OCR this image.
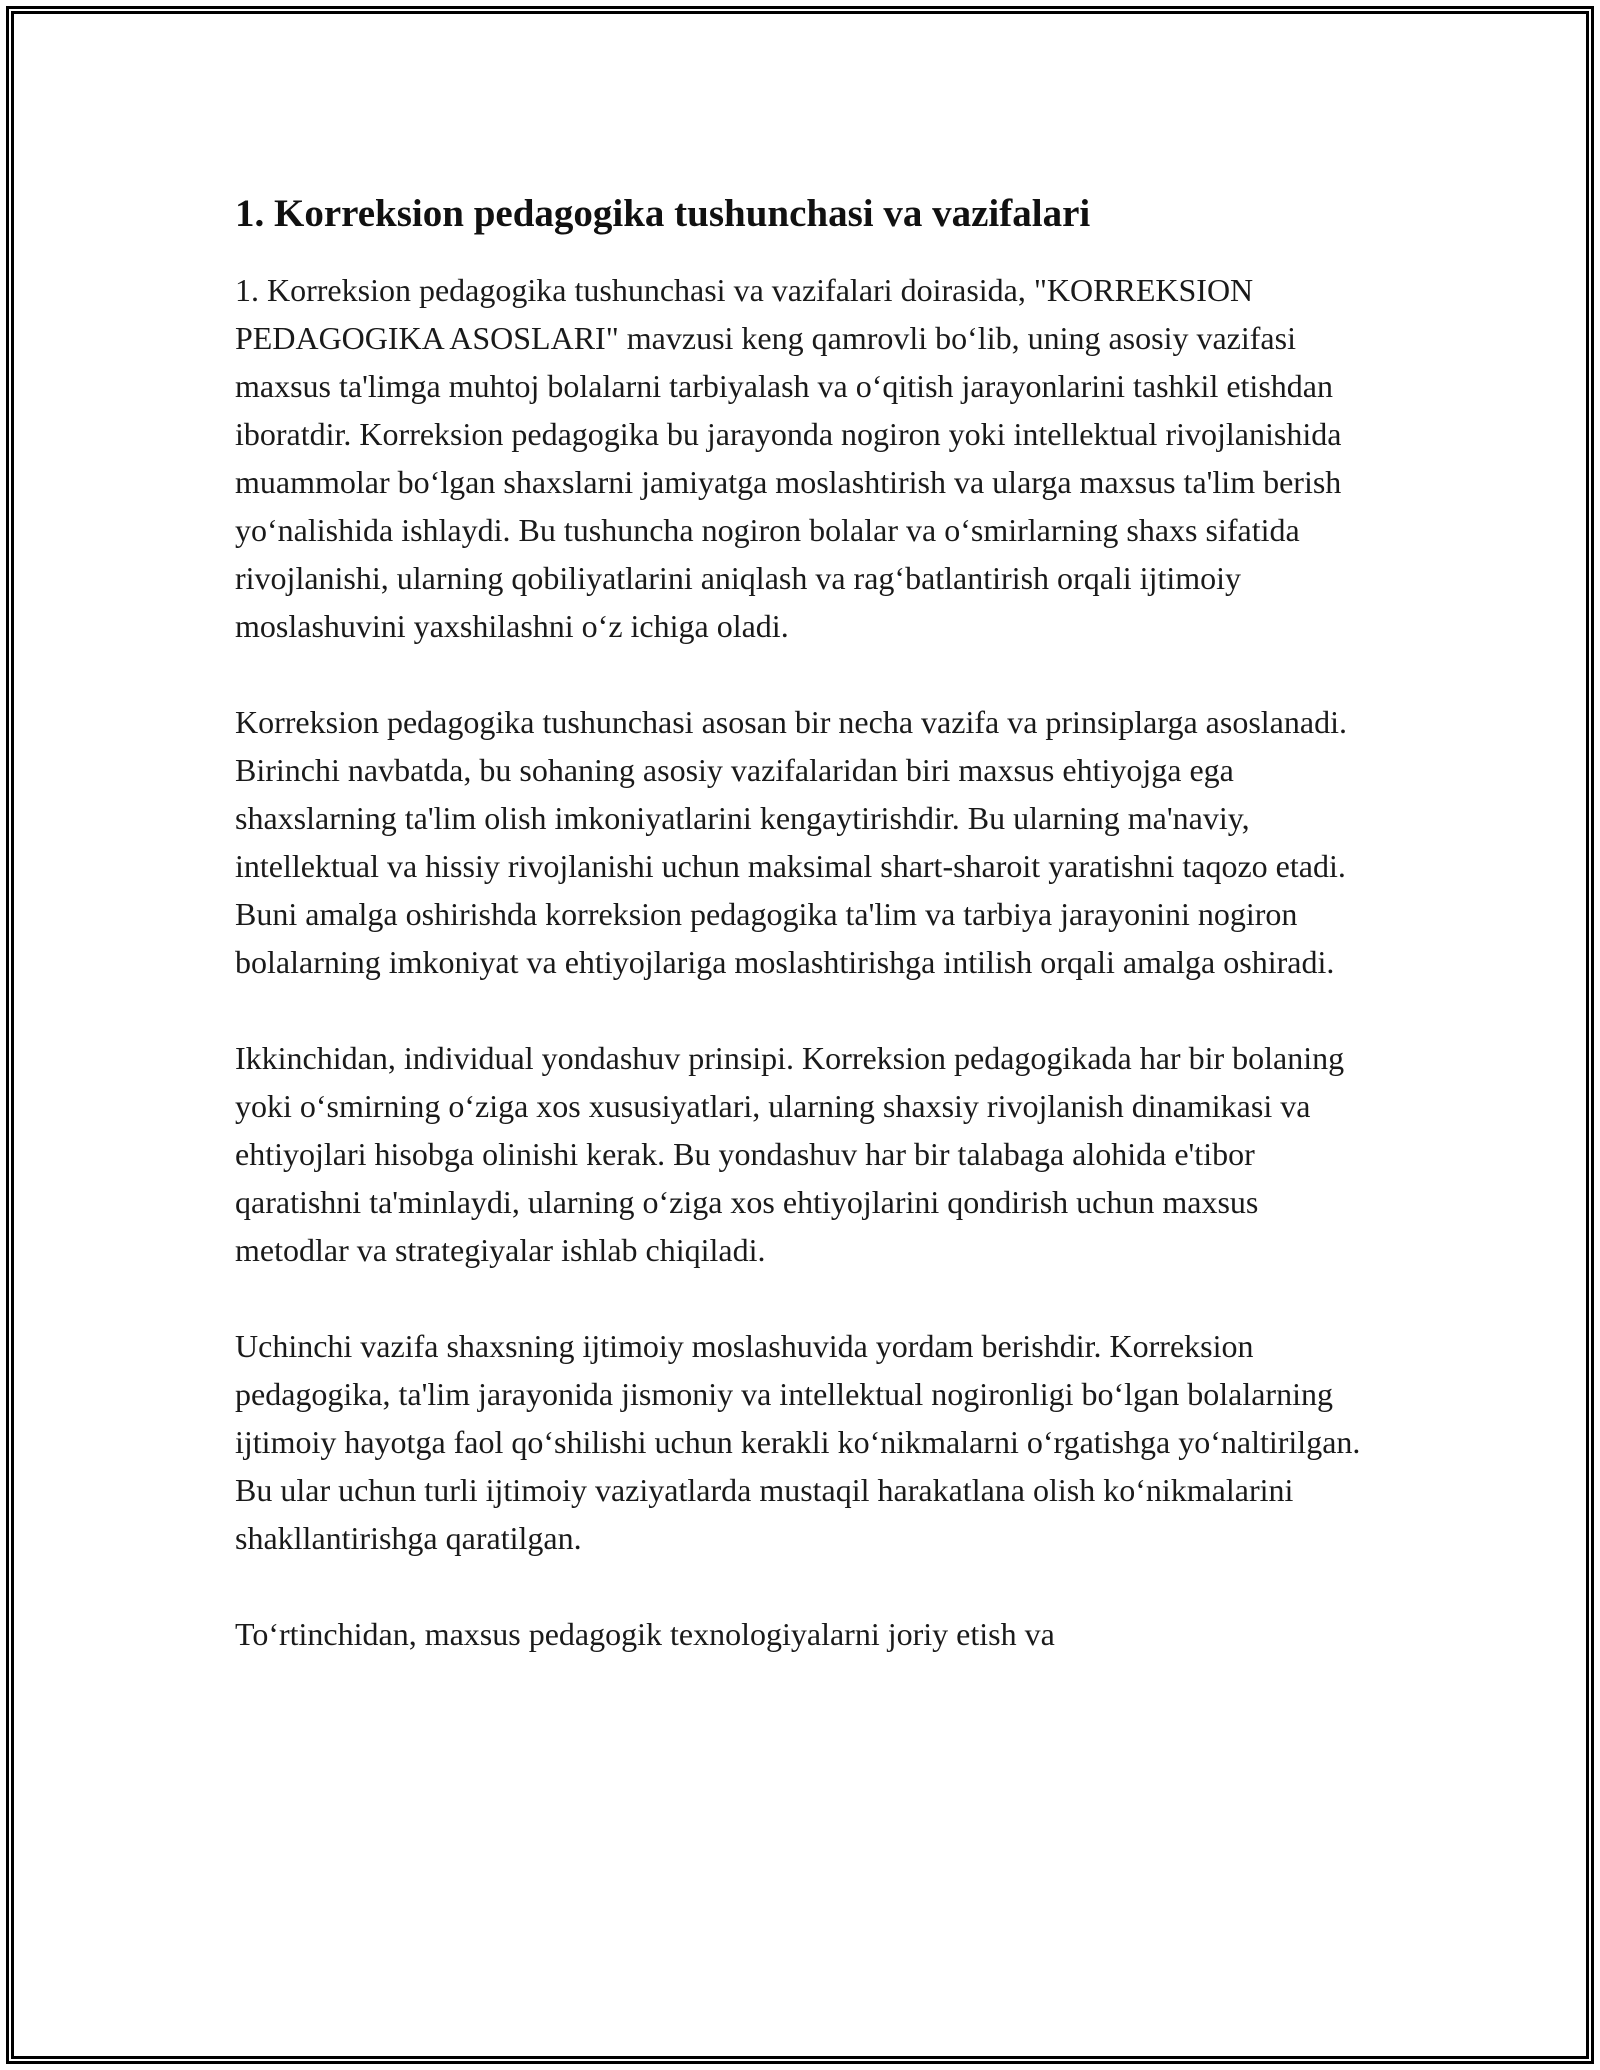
1. Korreksion pedagogika tushunchasi va vazifalari

1. Korreksion pedagogika tushunchasi va vazifalari doirasida, "KORREKSION PEDAGOGIKA ASOSLARI" mavzusi keng qamrovli boʻlib, uning asosiy vazifasi maxsus ta'limga muhtoj bolalarni tarbiyalash va oʻqitish jarayonlarini tashkil etishdan iboratdir. Korreksion pedagogika bu jarayonda nogiron yoki intellektual rivojlanishida muammolar boʻlgan shaxslarni jamiyatga moslashtirish va ularga maxsus ta'lim berish yoʻnalishida ishlaydi. Bu tushuncha nogiron bolalar va oʻsmirlarning shaxs sifatida rivojlanishi, ularning qobiliyatlarini aniqlash va ragʻbatlantirish orqali ijtimoiy moslashuvini yaxshilashni oʻz ichiga oladi.

Korreksion pedagogika tushunchasi asosan bir necha vazifa va prinsiplarga asoslanadi. Birinchi navbatda, bu sohaning asosiy vazifalaridan biri maxsus ehtiyojga ega shaxslarning ta'lim olish imkoniyatlarini kengaytirishdir. Bu ularning ma'naviy, intellektual va hissiy rivojlanishi uchun maksimal shart-sharoit yaratishni taqozo etadi. Buni amalga oshirishda korreksion pedagogika ta'lim va tarbiya jarayonini nogiron bolalarning imkoniyat va ehtiyojlariga moslashtirishga intilish orqali amalga oshiradi.

Ikkinchidan, individual yondashuv prinsipi. Korreksion pedagogikada har bir bolaning yoki oʻsmirning oʻziga xos xususiyatlari, ularning shaxsiy rivojlanish dinamikasi va ehtiyojlari hisobga olinishi kerak. Bu yondashuv har bir talabaga alohida e'tibor qaratishni ta'minlaydi, ularning oʻziga xos ehtiyojlarini qondirish uchun maxsus metodlar va strategiyalar ishlab chiqiladi.

Uchinchi vazifa shaxsning ijtimoiy moslashuvida yordam berishdir. Korreksion pedagogika, ta'lim jarayonida jismoniy va intellektual nogironligi boʻlgan bolalarning ijtimoiy hayotga faol qoʻshilishi uchun kerakli koʻnikmalarni oʻrgatishga yoʻnaltirilgan. Bu ular uchun turli ijtimoiy vaziyatlarda mustaqil harakatlana olish koʻnikmalarini shakllantirishga qaratilgan.

Toʻrtinchidan, maxsus pedagogik texnologiyalarni joriy etish va
